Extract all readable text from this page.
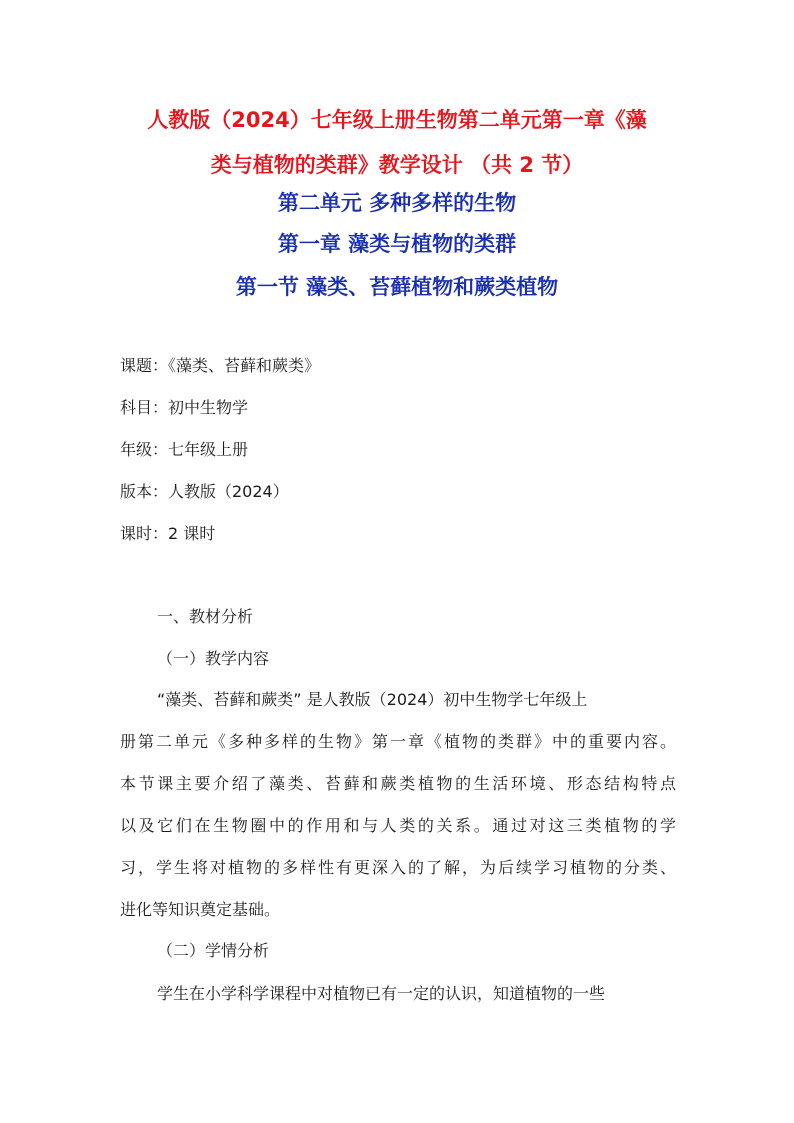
人教版（2024）七年级上册生物第二单元第一章《藻
类与植物的类群》教学设计 （共 2 节）
第二单元 多种多样的生物
第一章 藻类与植物的类群
第一节 藻类、苔藓植物和蕨类植物
课题：《藻类、苔藓和蕨类》
科目：初中生物学
年级：七年级上册
版本：人教版（2024）
课时：2 课时
一、教材分析
（一）教学内容
“藻类、苔藓和蕨类” 是人教版（2024）初中生物学七年级上
册第二单元《多种多样的生物》第一章《植物的类群》中的重要内容。
本节课主要介绍了藻类、苔藓和蕨类植物的生活环境、形态结构特点
以及它们在生物圈中的作用和与人类的关系。通过对这三类植物的学
习，学生将对植物的多样性有更深入的了解，为后续学习植物的分类、
进化等知识奠定基础。
（二）学情分析
学生在小学科学课程中对植物已有一定的认识，知道植物的一些
